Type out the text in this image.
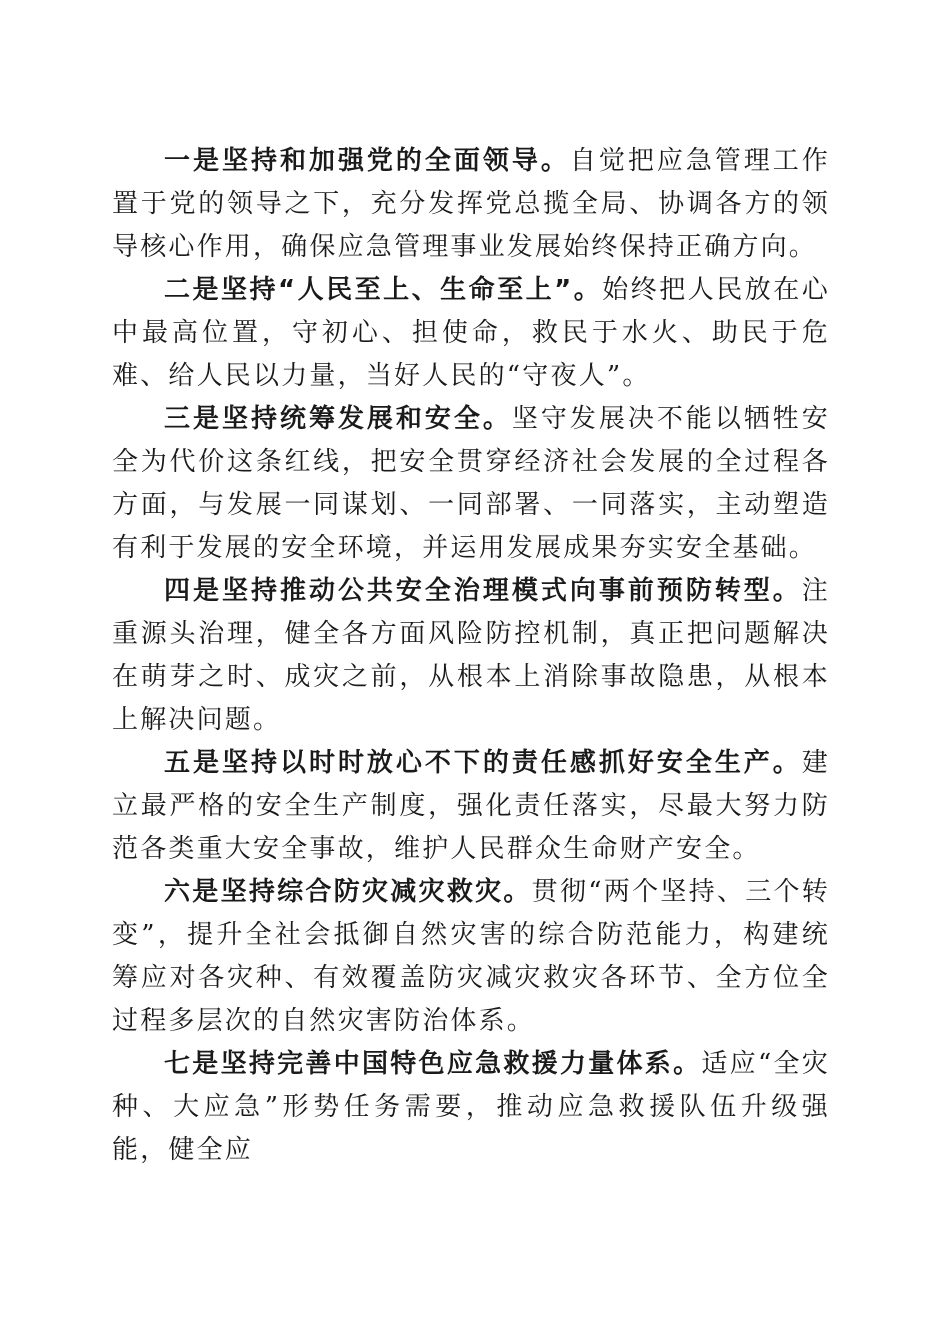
一是坚持和加强党的全面领导。自觉把应急管理工作置于党的领导之下，充分发挥党总揽全局、协调各方的领导核心作用，确保应急管理事业发展始终保持正确方向。

二是坚持“人民至上、生命至上”。始终把人民放在心中最高位置，守初心、担使命，救民于水火、助民于危难、给人民以力量，当好人民的“守夜人”。

三是坚持统筹发展和安全。坚守发展决不能以牺牲安全为代价这条红线，把安全贯穿经济社会发展的全过程各方面，与发展一同谋划、一同部署、一同落实，主动塑造有利于发展的安全环境，并运用发展成果夯实安全基础。

四是坚持推动公共安全治理模式向事前预防转型。注重源头治理，健全各方面风险防控机制，真正把问题解决在萌芽之时、成灾之前，从根本上消除事故隐患，从根本上解决问题。

五是坚持以时时放心不下的责任感抓好安全生产。建立最严格的安全生产制度，强化责任落实，尽最大努力防范各类重大安全事故，维护人民群众生命财产安全。

六是坚持综合防灾减灾救灾。贯彻“两个坚持、三个转变”，提升全社会抵御自然灾害的综合防范能力，构建统筹应对各灾种、有效覆盖防灾减灾救灾各环节、全方位全过程多层次的自然灾害防治体系。

七是坚持完善中国特色应急救援力量体系。适应“全灾种、大应急”形势任务需要，推动应急救援队伍升级强能，健全应
